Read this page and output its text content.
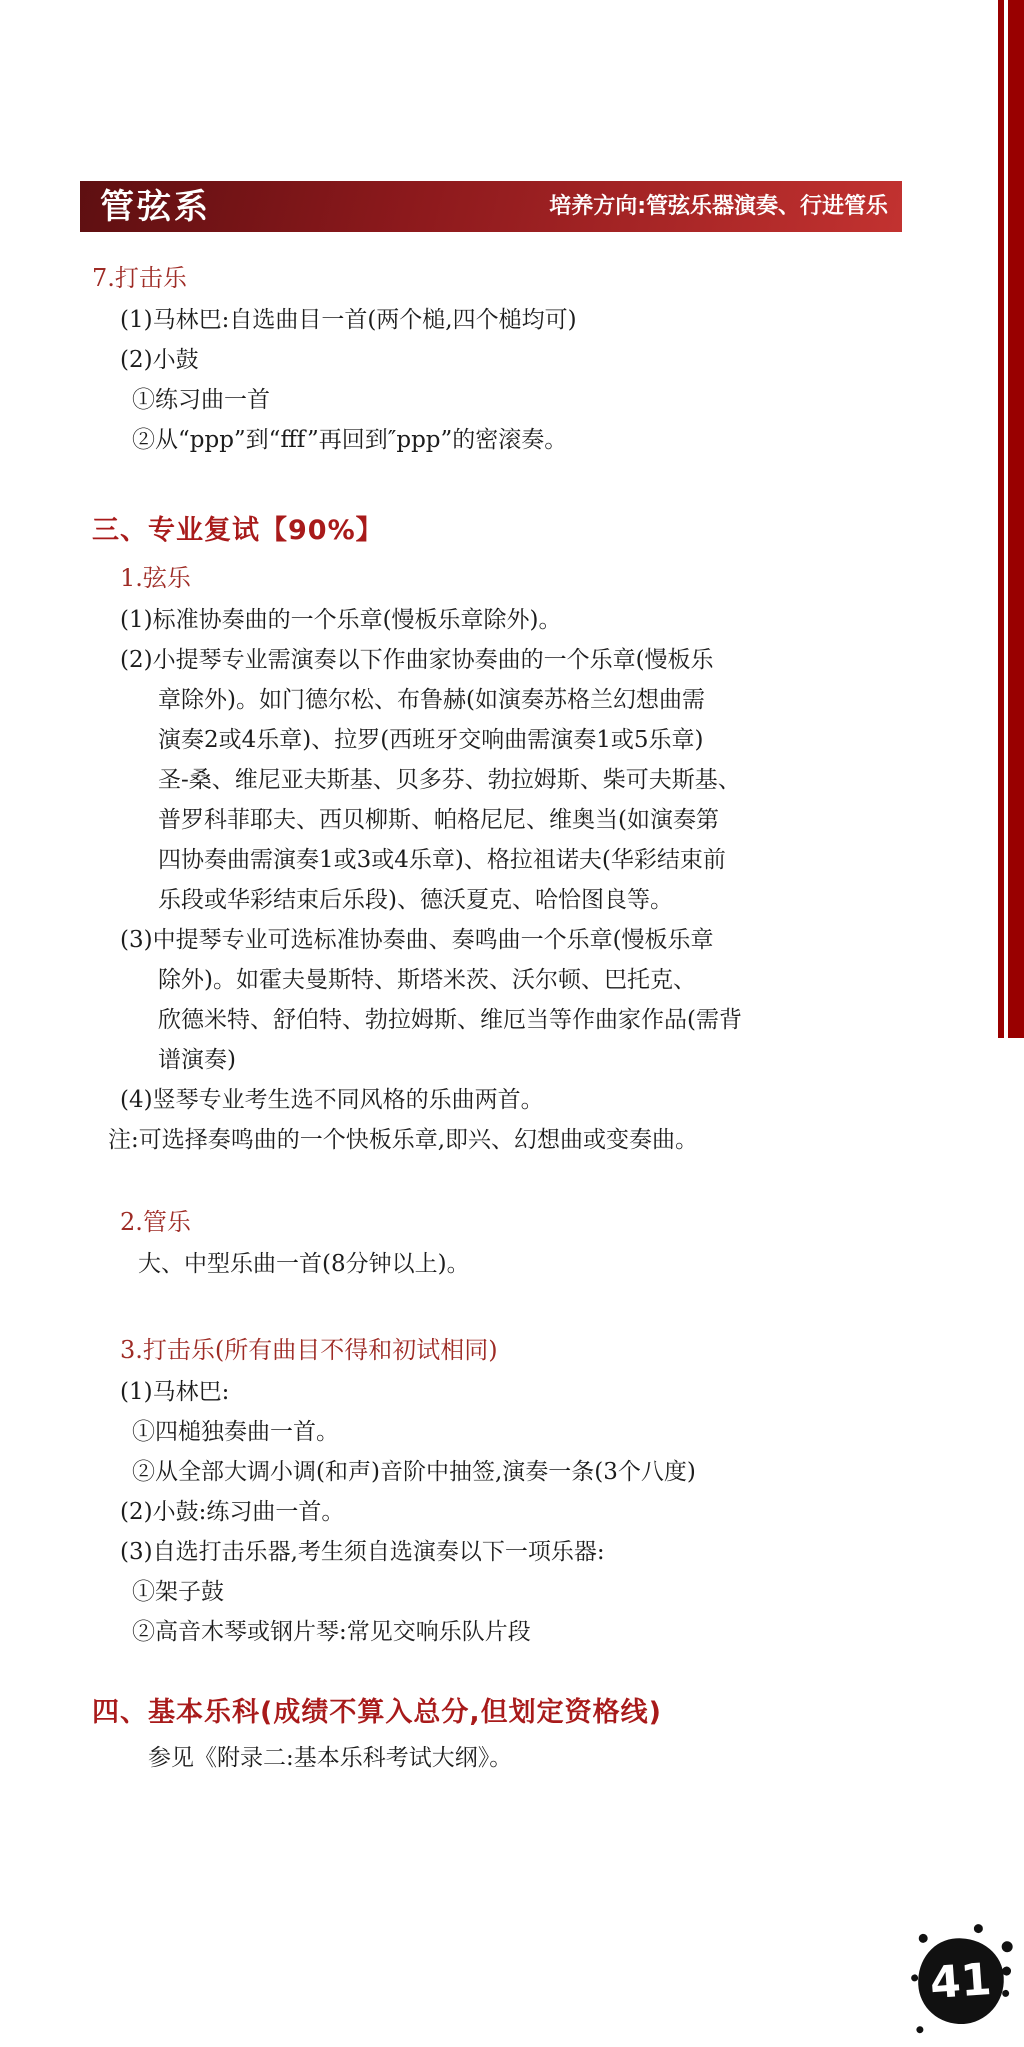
管弦系	培养方向:管弦乐器演奏、行进管乐
7.打击乐
(1)马林巴:自选曲目一首(两个槌,四个槌均可)
(2)小鼓
①练习曲一首
②从“ppp”到“fff”再回到″ppp”的密滚奏。
三、专业复试【90%】
1.弦乐
(1)标准协奏曲的一个乐章(慢板乐章除外)。
(2)小提琴专业需演奏以下作曲家协奏曲的一个乐章(慢板乐
章除外)。如门德尔松、布鲁赫(如演奏苏格兰幻想曲需
演奏2或4乐章)、拉罗(西班牙交响曲需演奏1或5乐章)
圣-桑、维尼亚夫斯基、贝多芬、勃拉姆斯、柴可夫斯基、
普罗科菲耶夫、西贝柳斯、帕格尼尼、维奥当(如演奏第
四协奏曲需演奏1或3或4乐章)、格拉祖诺夫(华彩结束前
乐段或华彩结束后乐段)、德沃夏克、哈恰图良等。
(3)中提琴专业可选标准协奏曲、奏鸣曲一个乐章(慢板乐章
除外)。如霍夫曼斯特、斯塔米茨、沃尔顿、巴托克、
欣德米特、舒伯特、勃拉姆斯、维厄当等作曲家作品(需背
谱演奏)
(4)竖琴专业考生选不同风格的乐曲两首。
注:可选择奏鸣曲的一个快板乐章,即兴、幻想曲或变奏曲。
2.管乐
大、中型乐曲一首(8分钟以上)。
3.打击乐(所有曲目不得和初试相同)
(1)马林巴:
①四槌独奏曲一首。
②从全部大调小调(和声)音阶中抽签,演奏一条(3个八度)
(2)小鼓:练习曲一首。
(3)自选打击乐器,考生须自选演奏以下一项乐器:
①架子鼓
②高音木琴或钢片琴:常见交响乐队片段
四、基本乐科(成绩不算入总分,但划定资格线)
参见《附录二:基本乐科考试大纲》。
41
